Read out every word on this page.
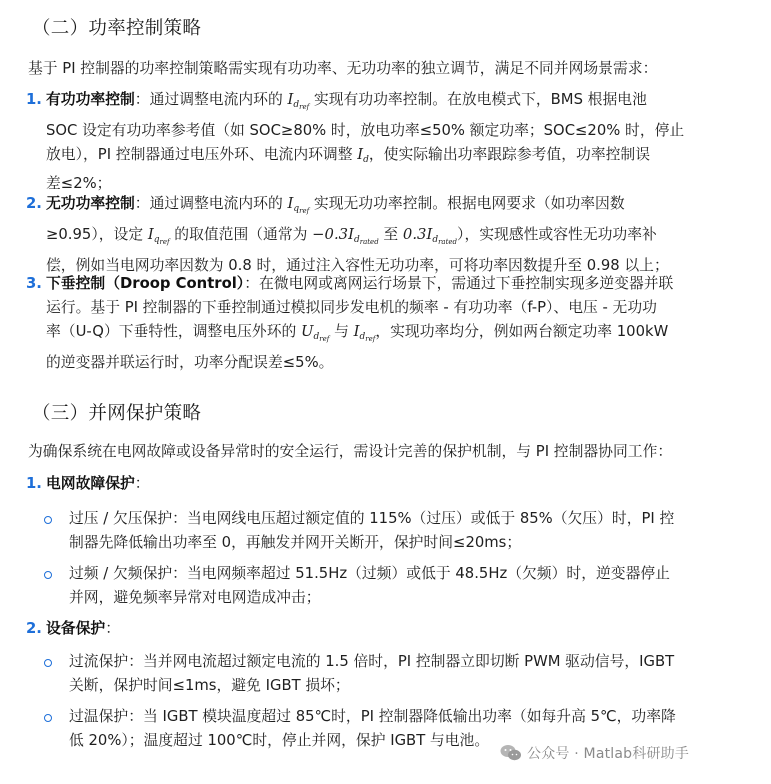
（二）功率控制策略

基于 PI 控制器的功率控制策略需实现有功功率、无功功率的独立调节，满足不同并网场景需求：

1. 有功功率控制：通过调整电流内环的 $I_{d_{ref}}$ 实现有功功率控制。在放电模式下，BMS 根据电池
SOC 设定有功功率参考值（如 SOC≥80% 时，放电功率≤50% 额定功率；SOC≤20% 时，停止
放电），PI 控制器通过电压外环、电流内环调整 $I_d$，使实际输出功率跟踪参考值，功率控制误
差≤2%；
2. 无功功率控制：通过调整电流内环的 $I_{q_{ref}}$ 实现无功功率控制。根据电网要求（如功率因数
≥0.95），设定 $I_{q_{ref}}$ 的取值范围（通常为 $-0.3I_{d_{rated}}$ 至 $0.3I_{d_{rated}}$），实现感性或容性无功功率补
偿，例如当电网功率因数为 0.8 时，通过注入容性无功功率，可将功率因数提升至 0.98 以上；
3. 下垂控制（Droop Control）：在微电网或离网运行场景下，需通过下垂控制实现多逆变器并联
运行。基于 PI 控制器的下垂控制通过模拟同步发电机的频率 - 有功功率（f-P）、电压 - 无功功
率（U-Q）下垂特性，调整电压外环的 $U_{d_{ref}}$ 与 $I_{d_{ref}}$，实现功率均分，例如两台额定功率 100kW
的逆变器并联运行时，功率分配误差≤5%。
（三）并网保护策略

为确保系统在电网故障或设备异常时的安全运行，需设计完善的保护机制，与 PI 控制器协同工作：

1. 电网故障保护：
过压 / 欠压保护：当电网线电压超过额定值的 115%（过压）或低于 85%（欠压）时，PI 控
制器先降低输出功率至 0，再触发并网开关断开，保护时间≤20ms；
过频 / 欠频保护：当电网频率超过 51.5Hz（过频）或低于 48.5Hz（欠频）时，逆变器停止
并网，避免频率异常对电网造成冲击；
2. 设备保护：
过流保护：当并网电流超过额定电流的 1.5 倍时，PI 控制器立即切断 PWM 驱动信号，IGBT
关断，保护时间≤1ms，避免 IGBT 损坏；
过温保护：当 IGBT 模块温度超过 85℃时，PI 控制器降低输出功率（如每升高 5℃，功率降
低 20%）；温度超过 100℃时，停止并网，保护 IGBT 与电池。
公众号 · Matlab科研助手
